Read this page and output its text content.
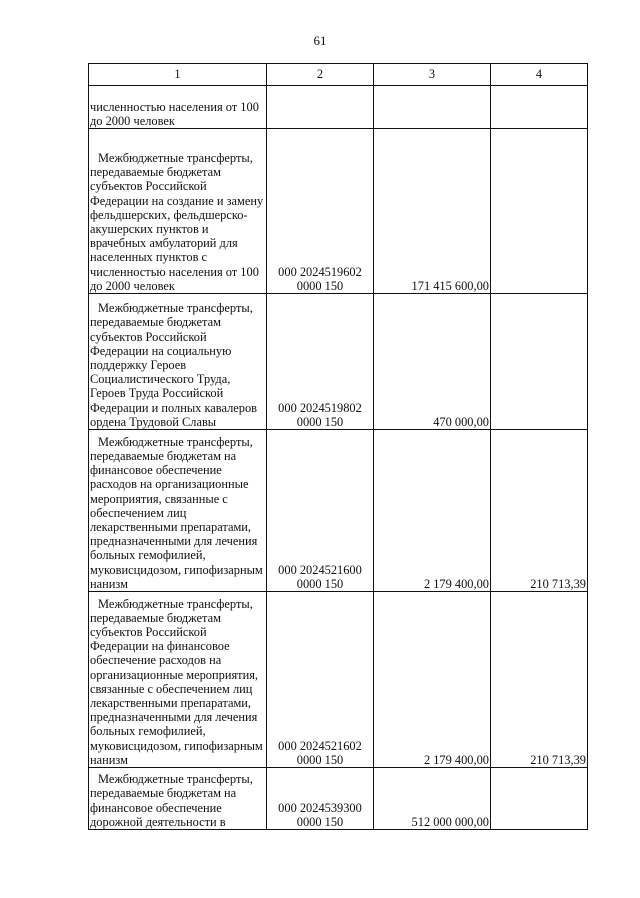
61
1	2	3	4
численностью населения от 100 до 2000 человек			
Межбюджетные трансферты, передаваемые бюджетам субъектов Российской Федерации на создание и замену фельдшерских, фельдшерско- акушерских пунктов и врачебных амбулаторий для населенных пунктов с численностью населения от 100 до 2000 человек	000 2024519602 0000 150	171 415 600,00	
Межбюджетные трансферты, передаваемые бюджетам субъектов Российской Федерации на социальную поддержку Героев Социалистического Труда, Героев Труда Российской Федерации и полных кавалеров ордена Трудовой Славы	000 2024519802 0000 150	470 000,00	
Межбюджетные трансферты, передаваемые бюджетам на финансовое обеспечение расходов на организационные мероприятия, связанные с обеспечением лиц лекарственными препаратами, предназначенными для лечения больных гемофилией, муковисцидозом, гипофизарным нанизм	000 2024521600 0000 150	2 179 400,00	210 713,39
Межбюджетные трансферты, передаваемые бюджетам субъектов Российской Федерации на финансовое обеспечение расходов на организационные мероприятия, связанные с обеспечением лиц лекарственными препаратами, предназначенными для лечения больных гемофилией, муковисцидозом, гипофизарным нанизм	000 2024521602 0000 150	2 179 400,00	210 713,39
Межбюджетные трансферты, передаваемые бюджетам на финансовое обеспечение дорожной деятельности в	000 2024539300 0000 150	512 000 000,00	
